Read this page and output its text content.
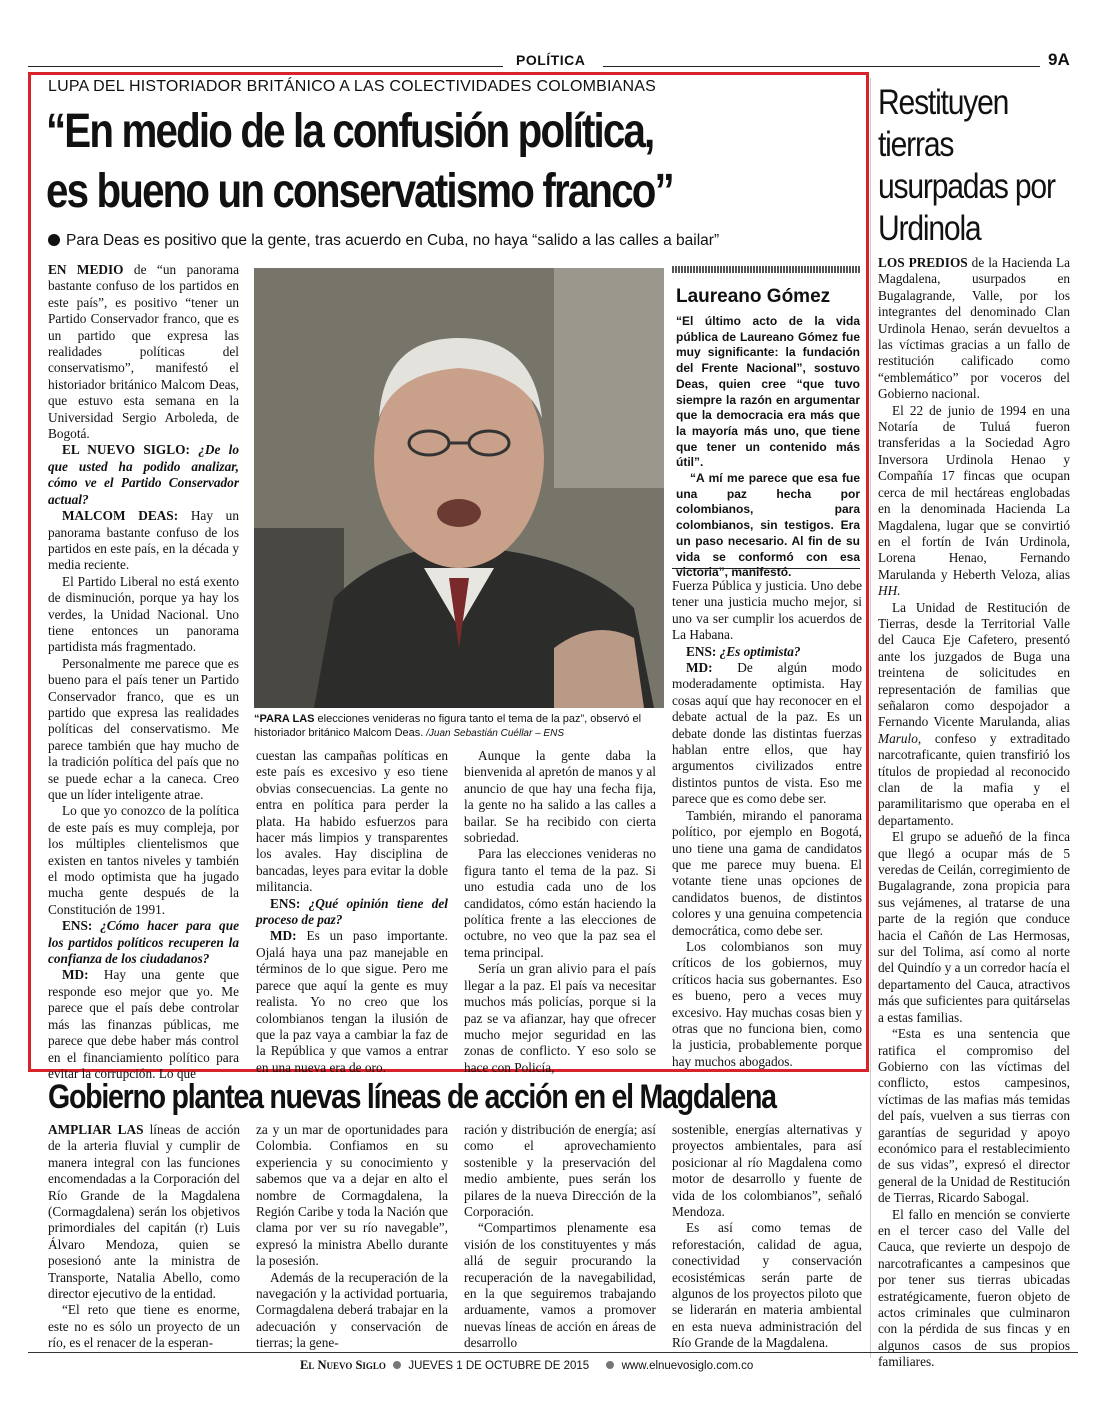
POLÍTICA	9A
LUPA DEL HISTORIADOR BRITÁNICO A LAS COLECTIVIDADES COLOMBIANAS
“En medio de la confusión política,
es bueno un conservatismo franco”
Para Deas es positivo que la gente, tras acuerdo en Cuba, no haya “salido a las calles a bailar”

EN MEDIO de “un panorama bastante confuso de los partidos en este país”, es positivo “tener un Partido Conservador franco, que es un partido que expresa las realidades políticas del conservatismo”, manifestó el historiador británico Malcom Deas, que estuvo esta semana en la Universidad Sergio Arboleda, de Bogotá.

EL NUEVO SIGLO: ¿De lo que usted ha podido analizar, cómo ve el Partido Conservador actual?

MALCOM DEAS: Hay un panorama bastante confuso de los partidos en este país, en la década y media reciente.

El Partido Liberal no está exento de disminución, porque ya hay los verdes, la Unidad Nacional. Uno tiene entonces un panorama partidista más fragmentado.

Personalmente me parece que es bueno para el país tener un Partido Conservador franco, que es un partido que expresa las realidades políticas del conservatismo. Me parece también que hay mucho de la tradición política del país que no se puede echar a la caneca. Creo que un líder inteligente atrae.

Lo que yo conozco de la política de este país es muy compleja, por los múltiples clientelismos que existen en tantos niveles y también el modo optimista que ha jugado mucha gente después de la Constitución de 1991.

ENS: ¿Cómo hacer para que los partidos políticos recuperen la confianza de los ciudadanos?

MD: Hay una gente que responde eso mejor que yo. Me parece que el país debe controlar más las finanzas públicas, me parece que debe haber más control en el financiamiento político para evitar la corrupción. Lo que

“PARA LAS elecciones venideras no figura tanto el tema de la paz”, observó el historiador británico Malcom Deas. /Juan Sebastián Cuéllar – ENS
Laureano Gómez

“El último acto de la vida pública de Laureano Gómez fue muy significante: la fundación del Frente Nacional”, sostuvo Deas, quien cree “que tuvo siempre la razón en argumentar que la democracia era más que la mayoría más uno, que tiene que tener un contenido más útil”.

“A mí me parece que esa fue una paz hecha por colombianos, para colombianos, sin testigos. Era un paso necesario. Al fin de su vida se conformó con esa victoria”, manifestó.

cuestan las campañas políticas en este país es excesivo y eso tiene obvias consecuencias. La gente no entra en política para perder la plata. Ha habido esfuerzos para hacer más limpios y transparentes los avales. Hay disciplina de bancadas, leyes para evitar la doble militancia.

ENS: ¿Qué opinión tiene del proceso de paz?

MD: Es un paso importante. Ojalá haya una paz manejable en términos de lo que sigue. Pero me parece que aquí la gente es muy realista. Yo no creo que los colombianos tengan la ilusión de que la paz vaya a cambiar la faz de la República y que vamos a entrar en una nueva era de oro.

Aunque la gente daba la bienvenida al apretón de manos y al anuncio de que hay una fecha fija, la gente no ha salido a las calles a bailar. Se ha recibido con cierta sobriedad.

Para las elecciones venideras no figura tanto el tema de la paz. Si uno estudia cada uno de los candidatos, cómo están haciendo la política frente a las elecciones de octubre, no veo que la paz sea el tema principal.

Sería un gran alivio para el país llegar a la paz. El país va necesitar muchos más policías, porque si la paz se va afianzar, hay que ofrecer mucho mejor seguridad en las zonas de conflicto. Y eso solo se hace con Policía,

Fuerza Pública y justicia. Uno debe tener una justicia mucho mejor, si uno va ser cumplir los acuerdos de La Habana.

ENS: ¿Es optimista?

MD: De algún modo moderadamente optimista. Hay cosas aquí que hay reconocer en el debate actual de la paz. Es un debate donde las distintas fuerzas hablan entre ellos, que hay argumentos civilizados entre distintos puntos de vista. Eso me parece que es como debe ser.

También, mirando el panorama político, por ejemplo en Bogotá, uno tiene una gama de candidatos que me parece muy buena. El votante tiene unas opciones de candidatos buenos, de distintos colores y una genuina competencia democrática, como debe ser.

Los colombianos son muy críticos de los gobiernos, muy críticos hacia sus gobernantes. Eso es bueno, pero a veces muy excesivo. Hay muchas cosas bien y otras que no funciona bien, como la justicia, probablemente porque hay muchos abogados.

Restituyen tierras usurpadas por Urdinola

LOS PREDIOS de la Hacienda La Magdalena, usurpados en Bugalagrande, Valle, por los integrantes del denominado Clan Urdinola Henao, serán devueltos a las víctimas gracias a un fallo de restitución calificado como “emblemático” por voceros del Gobierno nacional.

El 22 de junio de 1994 en una Notaría de Tuluá fueron transferidas a la Sociedad Agro Inversora Urdinola Henao y Compañía 17 fincas que ocupan cerca de mil hectáreas englobadas en la denominada Hacienda La Magdalena, lugar que se convirtió en el fortín de Iván Urdinola, Lorena Henao, Fernando Marulanda y Heberth Veloza, alias HH.

La Unidad de Restitución de Tierras, desde la Territorial Valle del Cauca Eje Cafetero, presentó ante los juzgados de Buga una treintena de solicitudes en representación de familias que señalaron como despojador a Fernando Vicente Marulanda, alias Marulo, confeso y extraditado narcotraficante, quien transfirió los títulos de propiedad al reconocido clan de la mafia y el paramilitarismo que operaba en el departamento.

El grupo se adueñó de la finca que llegó a ocupar más de 5 veredas de Ceilán, corregimiento de Bugalagrande, zona propicia para sus vejámenes, al tratarse de una parte de la región que conduce hacia el Cañón de Las Hermosas, sur del Tolima, así como al norte del Quindío y a un corredor hacía el departamento del Cauca, atractivos más que suficientes para quitárselas a estas familias.

“Esta es una sentencia que ratifica el compromiso del Gobierno con las víctimas del conflicto, estos campesinos, víctimas de las mafias más temidas del país, vuelven a sus tierras con garantías de seguridad y apoyo económico para el restablecimiento de sus vidas”, expresó el director general de la Unidad de Restitución de Tierras, Ricardo Sabogal.

El fallo en mención se convierte en el tercer caso del Valle del Cauca, que revierte un despojo de narcotraficantes a campesinos que por tener sus tierras ubicadas estratégicamente, fueron objeto de actos criminales que culminaron con la pérdida de sus fincas y en algunos casos de sus propios familiares.

Gobierno plantea nuevas líneas de acción en el Magdalena

AMPLIAR LAS líneas de acción de la arteria fluvial y cumplir de manera integral con las funciones encomendadas a la Corporación del Río Grande de la Magdalena (Cormagdalena) serán los objetivos primordiales del capitán (r) Luis Álvaro Mendoza, quien se posesionó ante la ministra de Transporte, Natalia Abello, como director ejecutivo de la entidad.

“El reto que tiene es enorme, este no es sólo un proyecto de un río, es el renacer de la esperan-

za y un mar de oportunidades para Colombia. Confiamos en su experiencia y su conocimiento y sabemos que va a dejar en alto el nombre de Cormagdalena, la Región Caribe y toda la Nación que clama por ver su río navegable”, expresó la ministra Abello durante la posesión.

Además de la recuperación de la navegación y la actividad portuaria, Cormagdalena deberá trabajar en la adecuación y conservación de tierras; la gene-

ración y distribución de energía; así como el aprovechamiento sostenible y la preservación del medio ambiente, pues serán los pilares de la nueva Dirección de la Corporación.

“Compartimos plenamente esa visión de los constituyentes y más allá de seguir procurando la recuperación de la navegabilidad, en la que seguiremos trabajando arduamente, vamos a promover nuevas líneas de acción en áreas de desarrollo

sostenible, energías alternativas y proyectos ambientales, para así posicionar al río Magdalena como motor de desarrollo y fuente de vida de los colombianos”, señaló Mendoza.

Es así como temas de reforestación, calidad de agua, conectividad y conservación ecosistémicas serán parte de algunos de los proyectos piloto que se liderarán en materia ambiental en esta nueva administración del Río Grande de la Magdalena.

El Nuevo Siglo JUEVES 1 DE OCTUBRE DE 2015	www.elnuevosiglo.com.co
